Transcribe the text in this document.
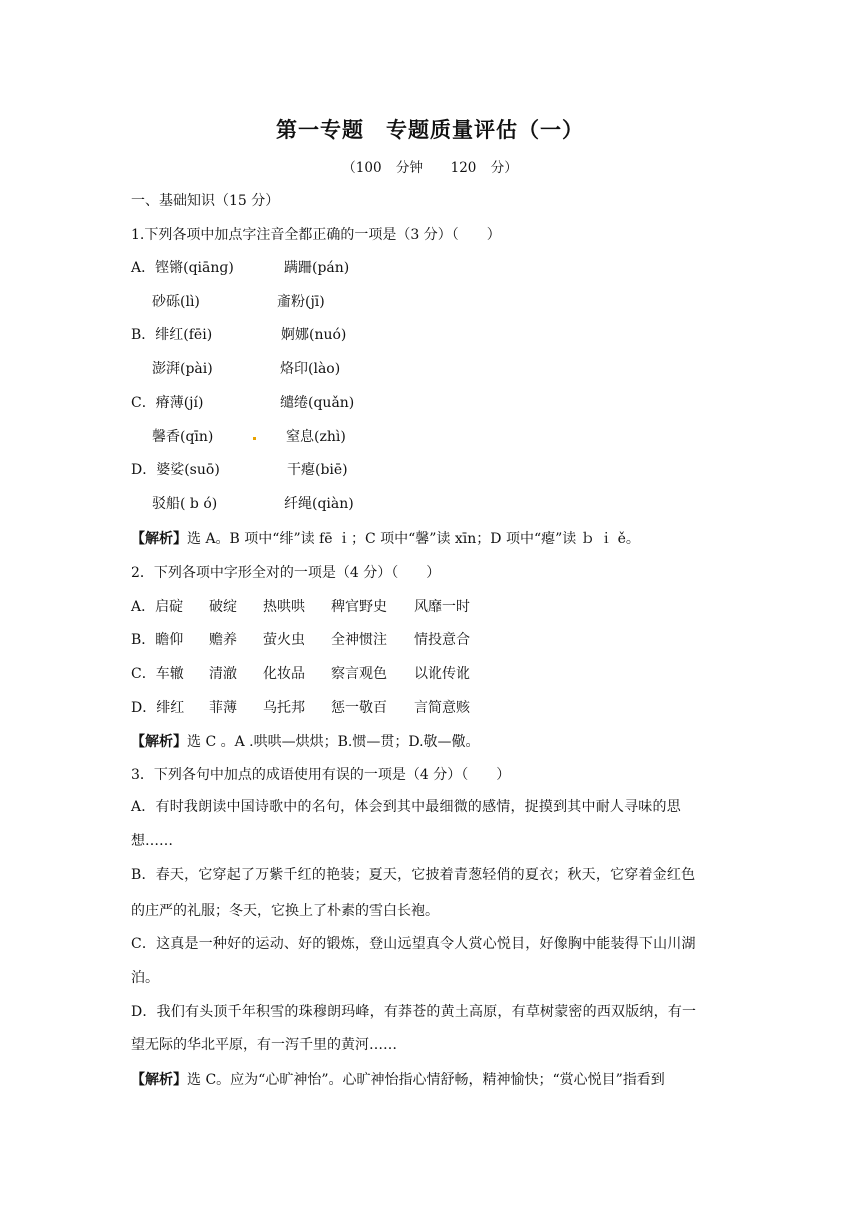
第一专题　专题质量评估（一）
（100 分钟　 120 分）
一、基础知识（15 分）
1.下列各项中加点字注音全都正确的一项是（3 分）（　　）
A．铿锵(qiānɡ)	蹒跚(pán)
砂砾(lì)	齑粉(jī)
B．绯红(fēi)	婀娜(nuó)
澎湃(pài)	烙印(lào)
C．瘠薄(jí)	缱绻(quǎn)
馨香(qīn)	窒息(zhì)
D．婆娑(suō)	干瘪(biē)
驳船( b ó)	纤绳(qiàn)
【解析】选 A。B 项中“绯”读 fē ｉ；C 项中“馨”读 xīn；D 项中“瘪”读 ｂ ｉ ě。
2．下列各项中字形全对的一项是（4 分）（　　）
A．启碇 破绽 热哄哄 稗官野史 风靡一时
B．瞻仰 赡养 萤火虫 全神惯注 情投意合
C．车辙 清澈 化妆品 察言观色 以讹传讹
D．绯红 菲薄 乌托邦 惩一敬百 言简意赅
【解析】选 C 。A .哄哄—烘烘；B.惯—贯；D.敬—儆。
3．下列各句中加点的成语使用有误的一项是（4 分）（　　）
A．有时我朗读中国诗歌中的名句，体会到其中最细微的感情，捉摸到其中耐人寻味的思
想……
B．春天，它穿起了万紫千红的艳装；夏天，它披着青葱轻俏的夏衣；秋天，它穿着金红色
的庄严的礼服；冬天，它换上了朴素的雪白长袍。
C．这真是一种好的运动、好的锻炼，登山远望真令人赏心悦目，好像胸中能装得下山川湖
泊。
D．我们有头顶千年积雪的珠穆朗玛峰，有莽苍的黄土高原，有草树蒙密的西双版纳，有一
望无际的华北平原，有一泻千里的黄河……
【解析】选 C。应为“心旷神怡”。心旷神怡指心情舒畅，精神愉快；“赏心悦目”指看到
